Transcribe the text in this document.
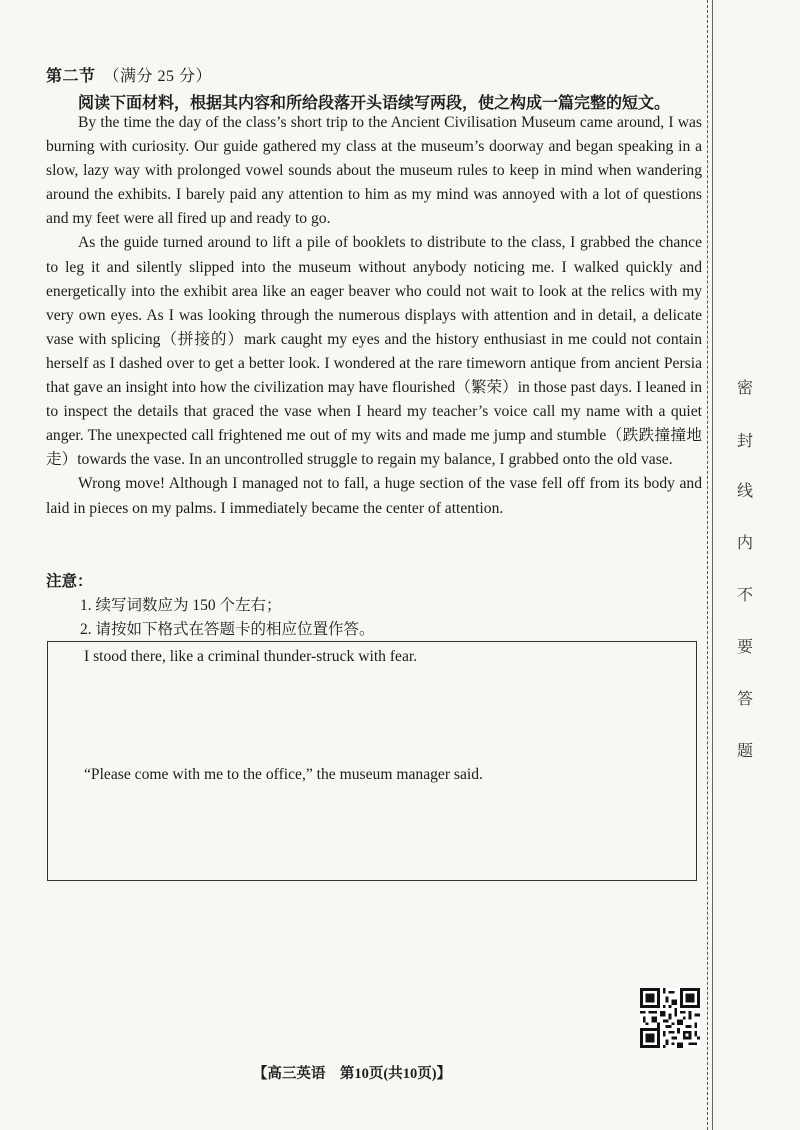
第二节 （满分 25 分）
阅读下面材料，根据其内容和所给段落开头语续写两段，使之构成一篇完整的短文。

By the time the day of the class’s short trip to the Ancient Civilisation Museum came around, I was burning with curiosity. Our guide gathered my class at the museum’s doorway and began speaking in a slow, lazy way with prolonged vowel sounds about the museum rules to keep in mind when wandering around the exhibits. I barely paid any attention to him as my mind was annoyed with a lot of questions and my feet were all fired up and ready to go.

As the guide turned around to lift a pile of booklets to distribute to the class, I grabbed the chance to leg it and silently slipped into the museum without anybody noticing me. I walked quickly and energetically into the exhibit area like an eager beaver who could not wait to look at the relics with my very own eyes. As I was looking through the numerous displays with attention and in detail, a delicate vase with splicing（拼接的）mark caught my eyes and the history enthusiast in me could not contain herself as I dashed over to get a better look. I wondered at the rare timeworn antique from ancient Persia that gave an insight into how the civilization may have flourished（繁荣）in those past days. I leaned in to inspect the details that graced the vase when I heard my teacher’s voice call my name with a quiet anger. The unexpected call frightened me out of my wits and made me jump and stumble（跌跌撞撞地走）towards the vase. In an uncontrolled struggle to regain my balance, I grabbed onto the old vase.

Wrong move! Although I managed not to fall, a huge section of the vase fell off from its body and laid in pieces on my palms. I immediately became the center of attention.

注意：
1. 续写词数应为 150 个左右；
2. 请按如下格式在答题卡的相应位置作答。
I stood there, like a criminal thunder-struck with fear.
“Please come with me to the office,” the museum manager said.
密
封
线
内
不
要
答
题
【高三英语　第10页(共10页)】
